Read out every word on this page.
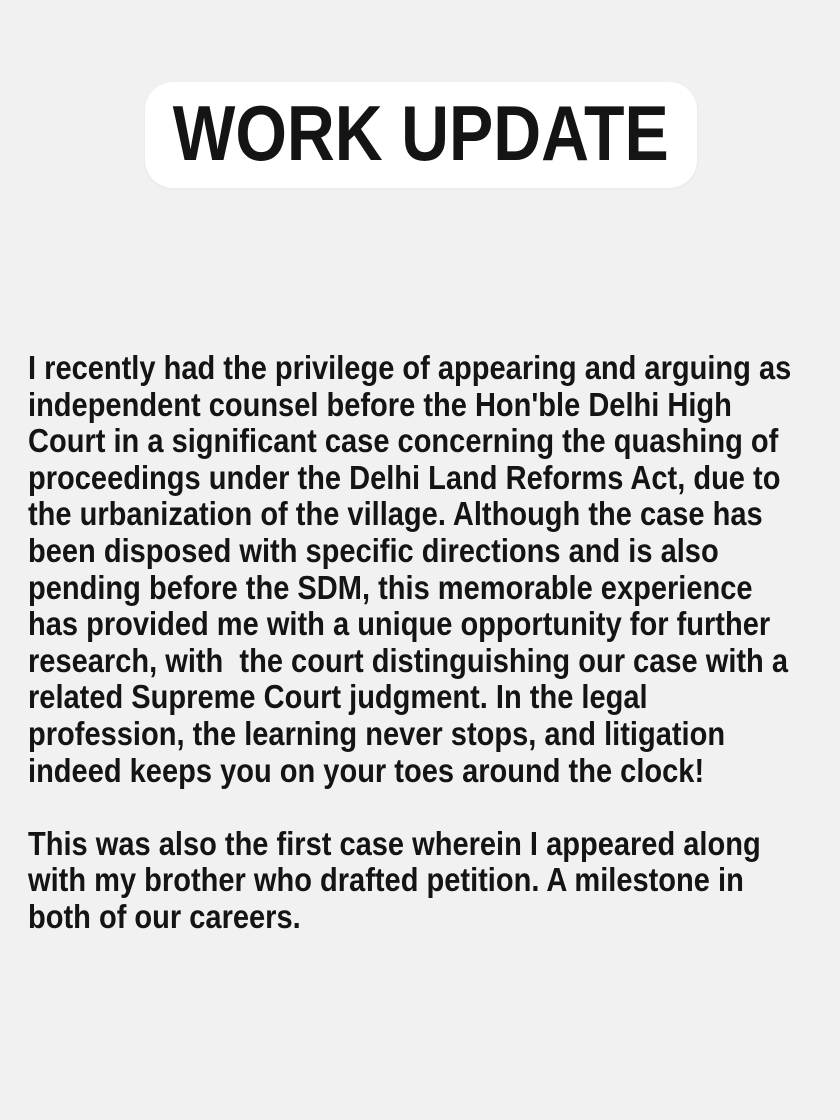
WORK UPDATE
I recently had the privilege of appearing and arguing as
independent counsel before the Hon'ble Delhi High
Court in a significant case concerning the quashing of
proceedings under the Delhi Land Reforms Act, due to
the urbanization of the village. Although the case has
been disposed with specific directions and is also
pending before the SDM, this memorable experience
has provided me with a unique opportunity for further
research, with  the court distinguishing our case with a
related Supreme Court judgment. In the legal
profession, the learning never stops, and litigation
indeed keeps you on your toes around the clock!
This was also the first case wherein I appeared along
with my brother who drafted petition. A milestone in
both of our careers.
